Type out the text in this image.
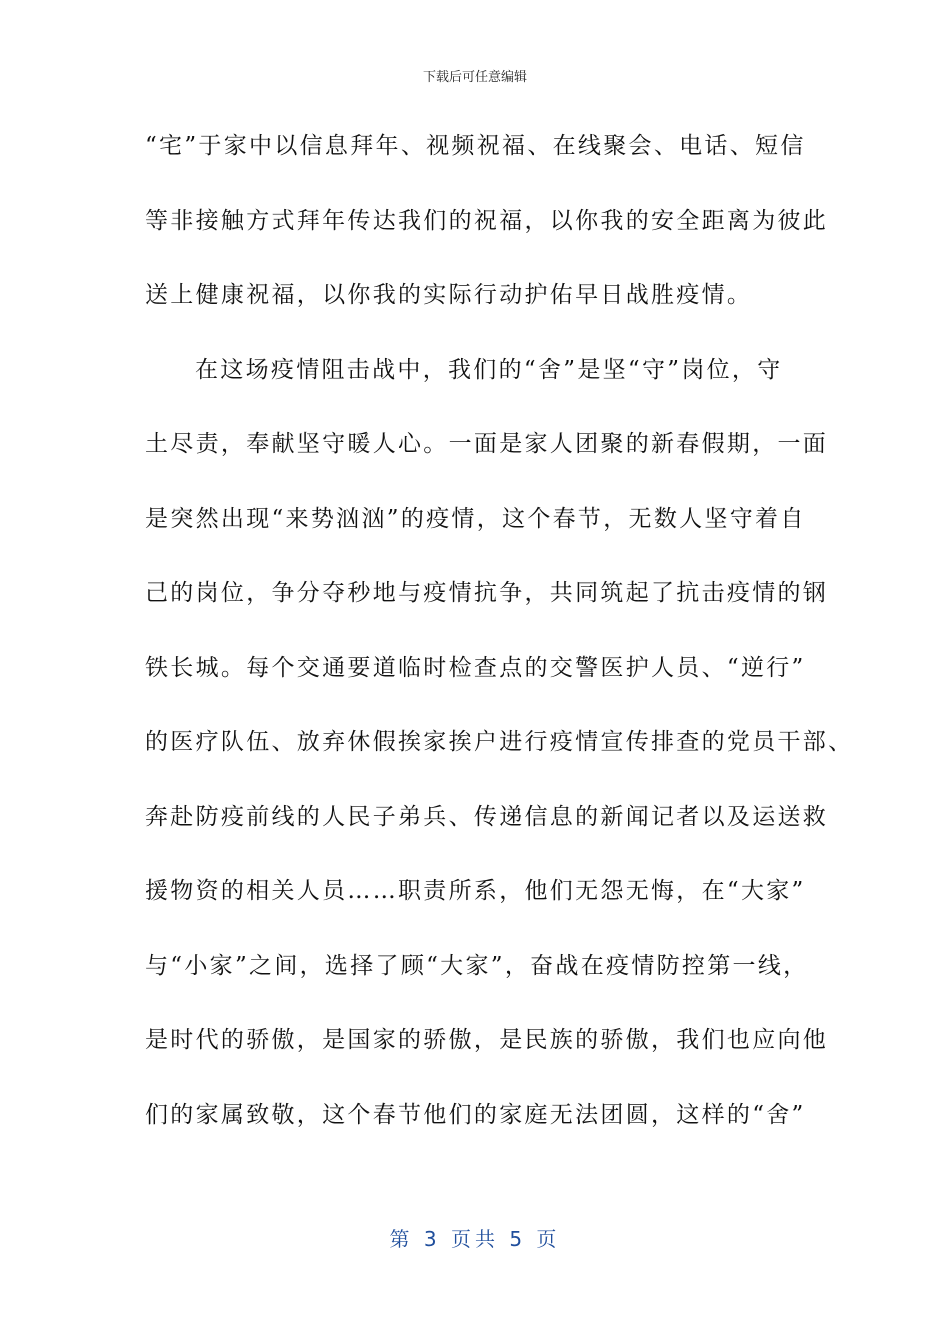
下载后可任意编辑
“宅”于家中以信息拜年、视频祝福、在线聚会、电话、短信
等非接触方式拜年传达我们的祝福，以你我的安全距离为彼此
送上健康祝福，以你我的实际行动护佑早日战胜疫情。
在这场疫情阻击战中，我们的“舍”是坚“守”岗位，守
土尽责，奉献坚守暖人心。一面是家人团聚的新春假期，一面
是突然出现“来势汹汹”的疫情，这个春节，无数人坚守着自
己的岗位，争分夺秒地与疫情抗争，共同筑起了抗击疫情的钢
铁长城。每个交通要道临时检查点的交警医护人员、“逆行”
的医疗队伍、放弃休假挨家挨户进行疫情宣传排查的党员干部、
奔赴防疫前线的人民子弟兵、传递信息的新闻记者以及运送救
援物资的相关人员……职责所系，他们无怨无悔，在“大家”
与“小家”之间，选择了顾“大家”，奋战在疫情防控第一线，
是时代的骄傲，是国家的骄傲，是民族的骄傲，我们也应向他
们的家属致敬，这个春节他们的家庭无法团圆，这样的“舍”
第 3 页共 5 页
